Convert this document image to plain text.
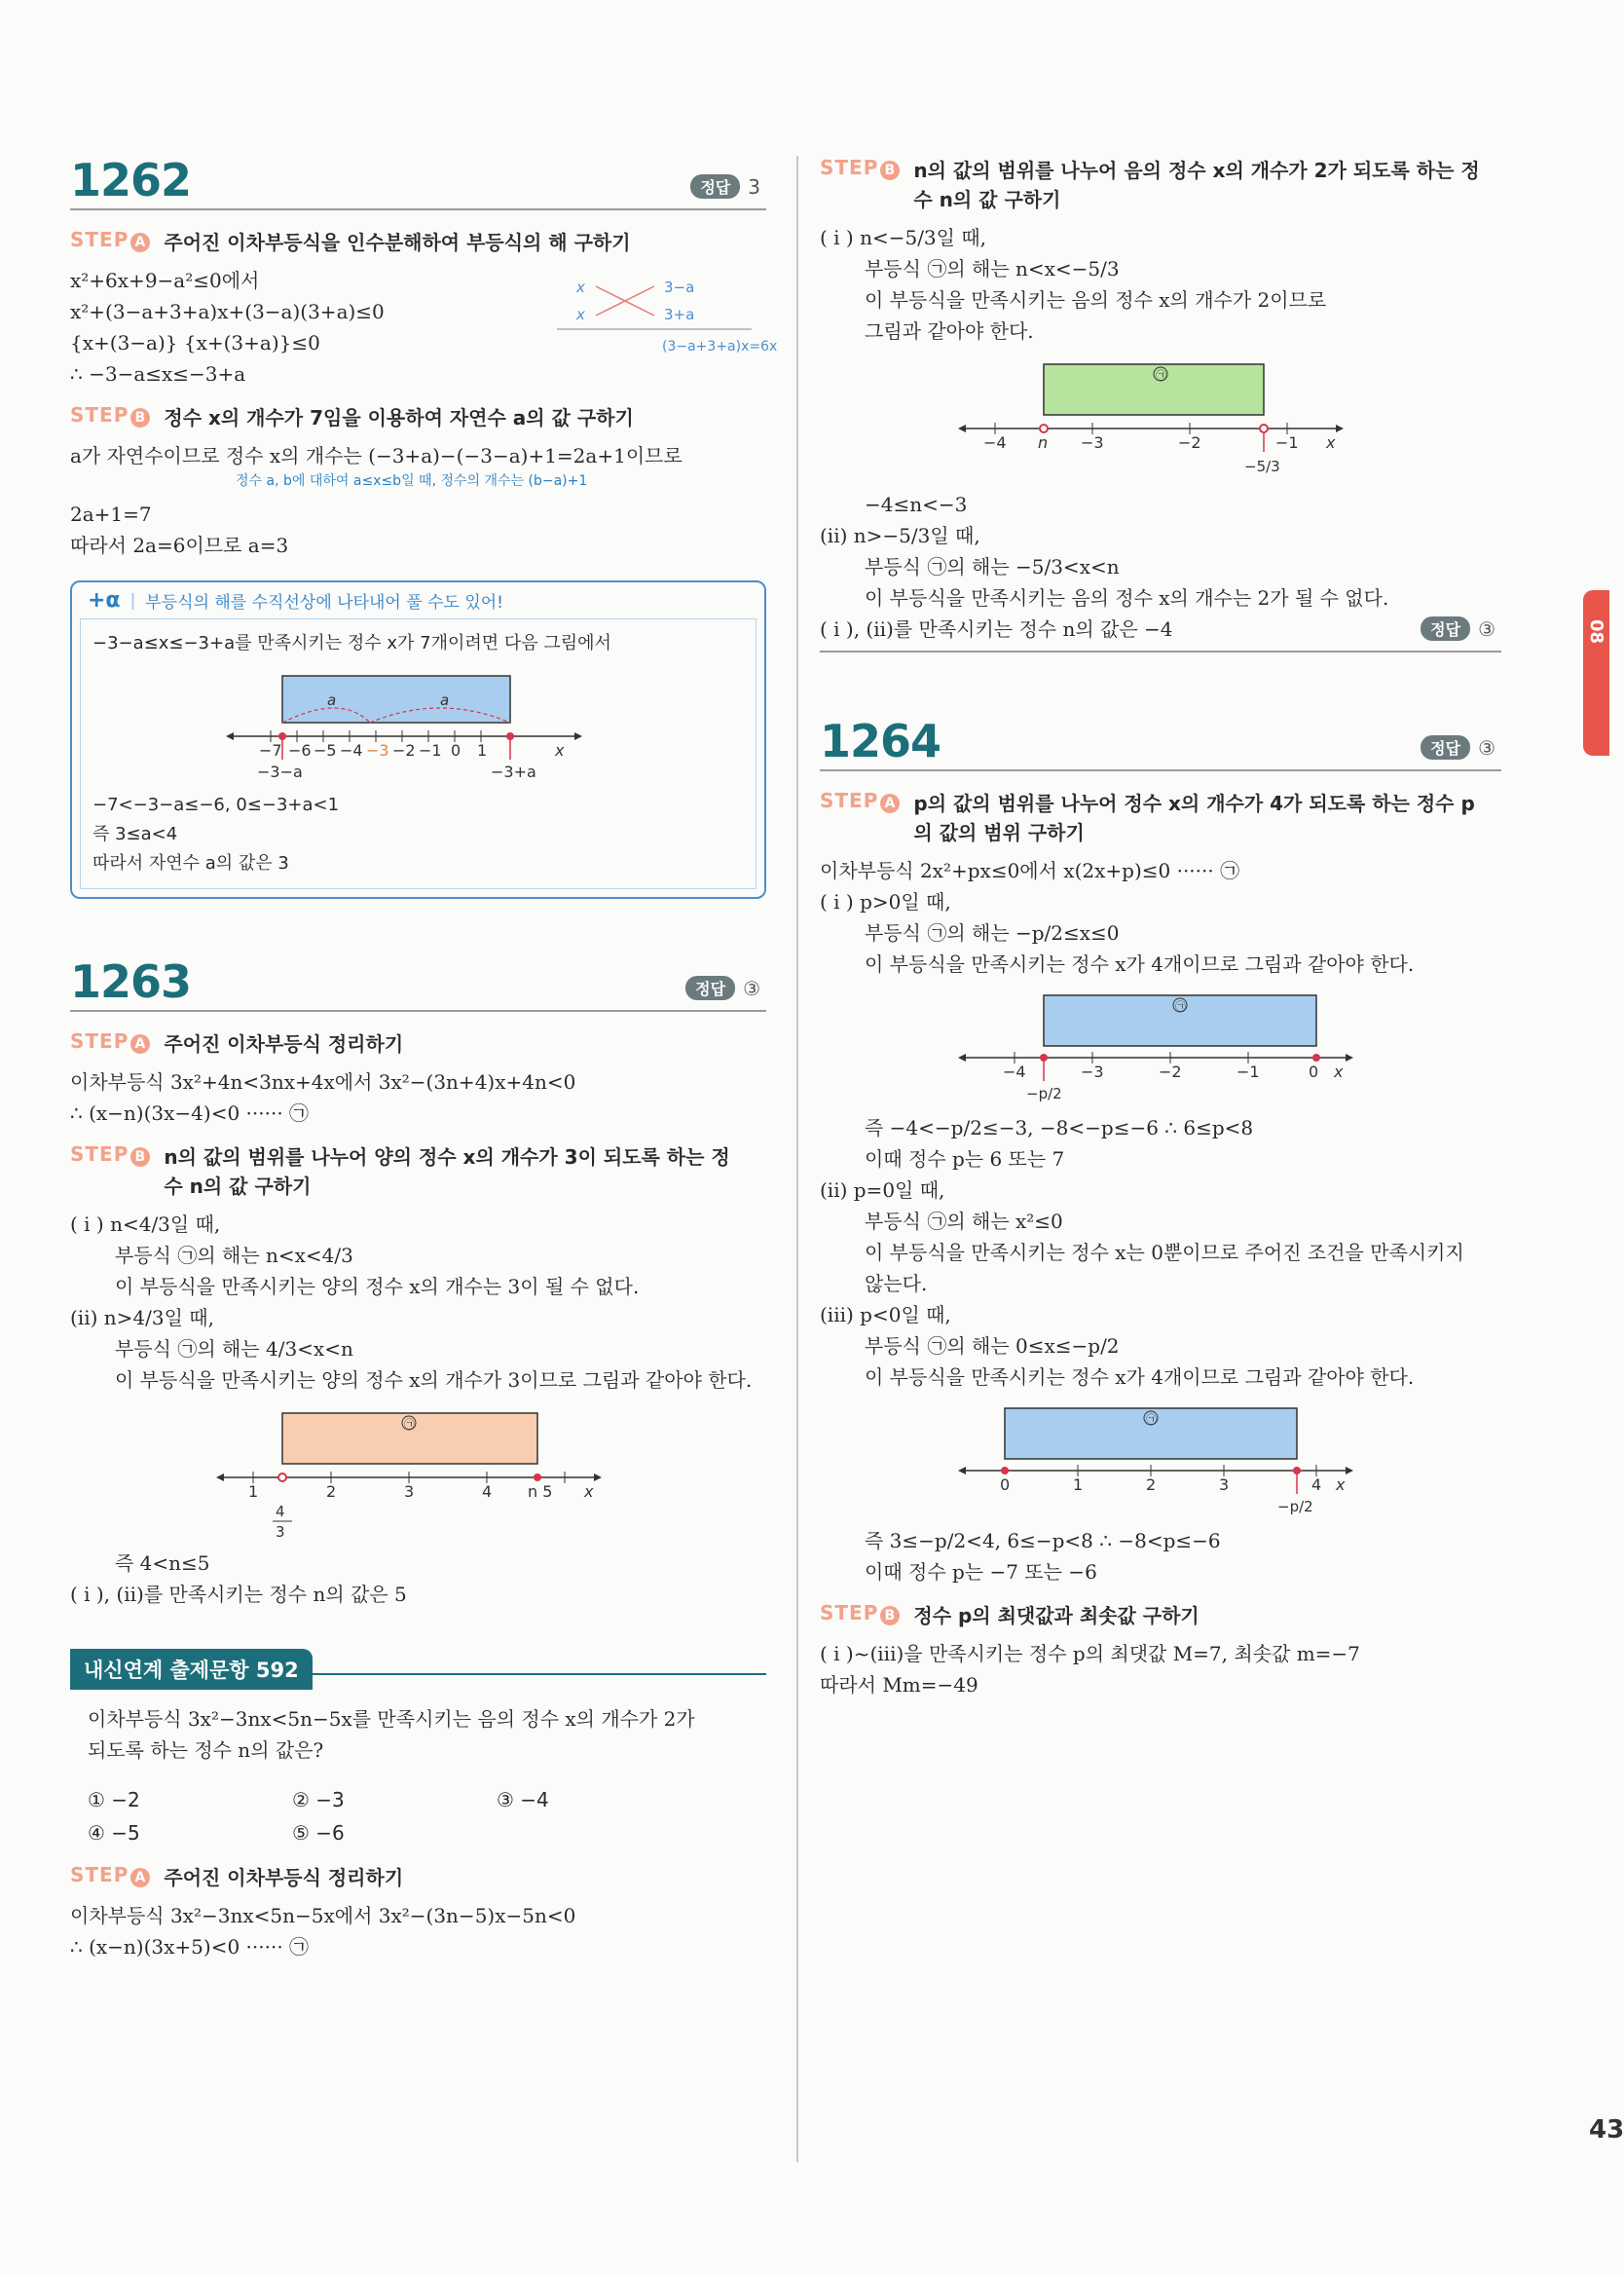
1262	정답 3
STEP A 주어진 이차부등식을 인수분해하여 부등식의 해 구하기
x²+6x+9−a²≤0에서
x²+(3−a+3+a)x+(3−a)(3+a)≤0
{x+(3−a)} {x+(3+a)}≤0
∴ −3−a≤x≤−3+a
x	3−a
x	3+a
(3−a+3+a)x=6x
STEP B 정수 x의 개수가 7임을 이용하여 자연수 a의 값 구하기
a가 자연수이므로 정수 x의 개수는 (−3+a)−(−3−a)+1=2a+1이므로
정수 a, b에 대하여 a≤x≤b일 때, 정수의 개수는 (b−a)+1
2a+1=7
따라서 2a=6이므로 a=3
+α | 부등식의 해를 수직선상에 나타내어 풀 수도 있어!
−3−a≤x≤−3+a를 만족시키는 정수 x가 7개이려면 다음 그림에서
a	a
−7 −6 −5 −4 −3 −2 −1 0 1	x
−3−a	−3+a
−7<−3−a≤−6, 0≤−3+a<1
즉 3≤a<4
따라서 자연수 a의 값은 3
1263	정답 ③
STEP A 주어진 이차부등식 정리하기
이차부등식 3x²+4n<3nx+4x에서 3x²−(3n+4)x+4n<0
∴ (x−n)(3x−4)<0 ······ ㉠
STEP B n의 값의 범위를 나누어 양의 정수 x의 개수가 3이 되도록 하는 정수 n의 값 구하기
( i ) n<4/3일 때,
부등식 ㉠의 해는 n<x<4/3
이 부등식을 만족시키는 양의 정수 x의 개수는 3이 될 수 없다.
(ii) n>4/3일 때,
부등식 ㉠의 해는 4/3<x<n
이 부등식을 만족시키는 양의 정수 x의 개수가 3이므로 그림과 같아야 한다.
㉠
1	2	3	4 n 5 x
4
3
즉 4<n≤5
( i ), (ii)를 만족시키는 정수 n의 값은 5
내신연계 출제문항 592
이차부등식 3x²−3nx<5n−5x를 만족시키는 음의 정수 x의 개수가 2가
되도록 하는 정수 n의 값은?
① −2	② −3	③ −4
④ −5	⑤ −6
STEP A 주어진 이차부등식 정리하기
이차부등식 3x²−3nx<5n−5x에서 3x²−(3n−5)x−5n<0
∴ (x−n)(3x+5)<0 ······ ㉠
STEP B n의 값의 범위를 나누어 음의 정수 x의 개수가 2가 되도록 하는 정수 n의 값 구하기
( i ) n<−5/3일 때,
부등식 ㉠의 해는 n<x<−5/3
이 부등식을 만족시키는 음의 정수 x의 개수가 2이므로
그림과 같아야 한다.
㉠
−4 n −3	−2	−1 x
−5/3
−4≤n<−3
(ii) n>−5/3일 때,
부등식 ㉠의 해는 −5/3<x<n
이 부등식을 만족시키는 음의 정수 x의 개수는 2가 될 수 없다.
( i ), (ii)를 만족시키는 정수 n의 값은 −4	정답 ③
1264	정답 ③
STEP A p의 값의 범위를 나누어 정수 x의 개수가 4가 되도록 하는 정수 p의 값의 범위 구하기
이차부등식 2x²+px≤0에서 x(2x+p)≤0 ······ ㉠
( i ) p>0일 때,
부등식 ㉠의 해는 −p/2≤x≤0
이 부등식을 만족시키는 정수 x가 4개이므로 그림과 같아야 한다.
㉠
−4	−3	−2	−1	0 x
−p/2
즉 −4<−p/2≤−3, −8<−p≤−6 ∴ 6≤p<8
이때 정수 p는 6 또는 7
(ii) p=0일 때,
부등식 ㉠의 해는 x²≤0
이 부등식을 만족시키는 정수 x는 0뿐이므로 주어진 조건을 만족시키지
않는다.
(iii) p<0일 때,
부등식 ㉠의 해는 0≤x≤−p/2
이 부등식을 만족시키는 정수 x가 4개이므로 그림과 같아야 한다.
㉠
0	1	2	3	4 x
−p/2
즉 3≤−p/2<4, 6≤−p<8 ∴ −8<p≤−6
이때 정수 p는 −7 또는 −6
STEP B 정수 p의 최댓값과 최솟값 구하기
( i )~(iii)을 만족시키는 정수 p의 최댓값 M=7, 최솟값 m=−7
따라서 Mm=−49
08
43
